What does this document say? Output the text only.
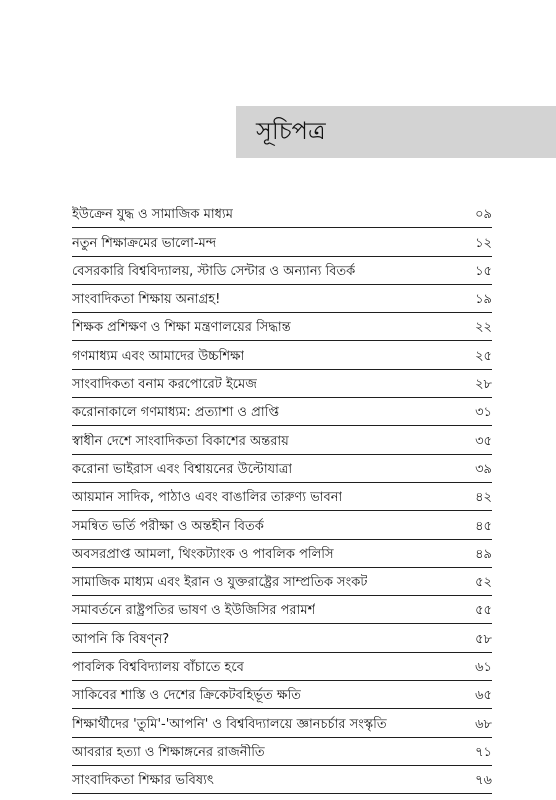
সূচিপত্র
ইউক্রেন যুদ্ধ ও সামাজিক মাধ্যম	০৯
নতুন শিক্ষাক্রমের ভালো-মন্দ	১২
বেসরকারি বিশ্ববিদ্যালয়, স্টাডি সেন্টার ও অন্যান্য বিতর্ক	১৫
সাংবাদিকতা শিক্ষায় অনাগ্রহ!	১৯
শিক্ষক প্রশিক্ষণ ও শিক্ষা মন্ত্রণালয়ের সিদ্ধান্ত	২২
গণমাধ্যম এবং আমাদের উচ্চশিক্ষা	২৫
সাংবাদিকতা বনাম করপোরেট ইমেজ	২৮
করোনাকালে গণমাধ্যম: প্রত্যাশা ও প্রাপ্তি	৩১
স্বাধীন দেশে সাংবাদিকতা বিকাশের অন্তরায়	৩৫
করোনা ভাইরাস এবং বিশ্বায়নের উল্টোযাত্রা	৩৯
আয়মান সাদিক, পাঠাও এবং বাঙালির তারুণ্য ভাবনা	৪২
সমন্বিত ভর্তি পরীক্ষা ও অন্তহীন বিতর্ক	৪৫
অবসরপ্রাপ্ত আমলা, থিংকট্যাংক ও পাবলিক পলিসি	৪৯
সামাজিক মাধ্যম এবং ইরান ও যুক্তরাষ্ট্রের সাম্প্রতিক সংকট	৫২
সমাবর্তনে রাষ্ট্রপতির ভাষণ ও ইউজিসির পরামর্শ	৫৫
আপনি কি বিষণ্ন?	৫৮
পাবলিক বিশ্ববিদ্যালয় বাঁচাতে হবে	৬১
সাকিবের শাস্তি ও দেশের ক্রিকেটবহির্ভূত ক্ষতি	৬৫
শিক্ষার্থীদের 'তুমি'-'আপনি' ও বিশ্ববিদ্যালয়ে জ্ঞানচর্চার সংস্কৃতি	৬৮
আবরার হত্যা ও শিক্ষাঙ্গনের রাজনীতি	৭১
সাংবাদিকতা শিক্ষার ভবিষ্যৎ	৭৬
